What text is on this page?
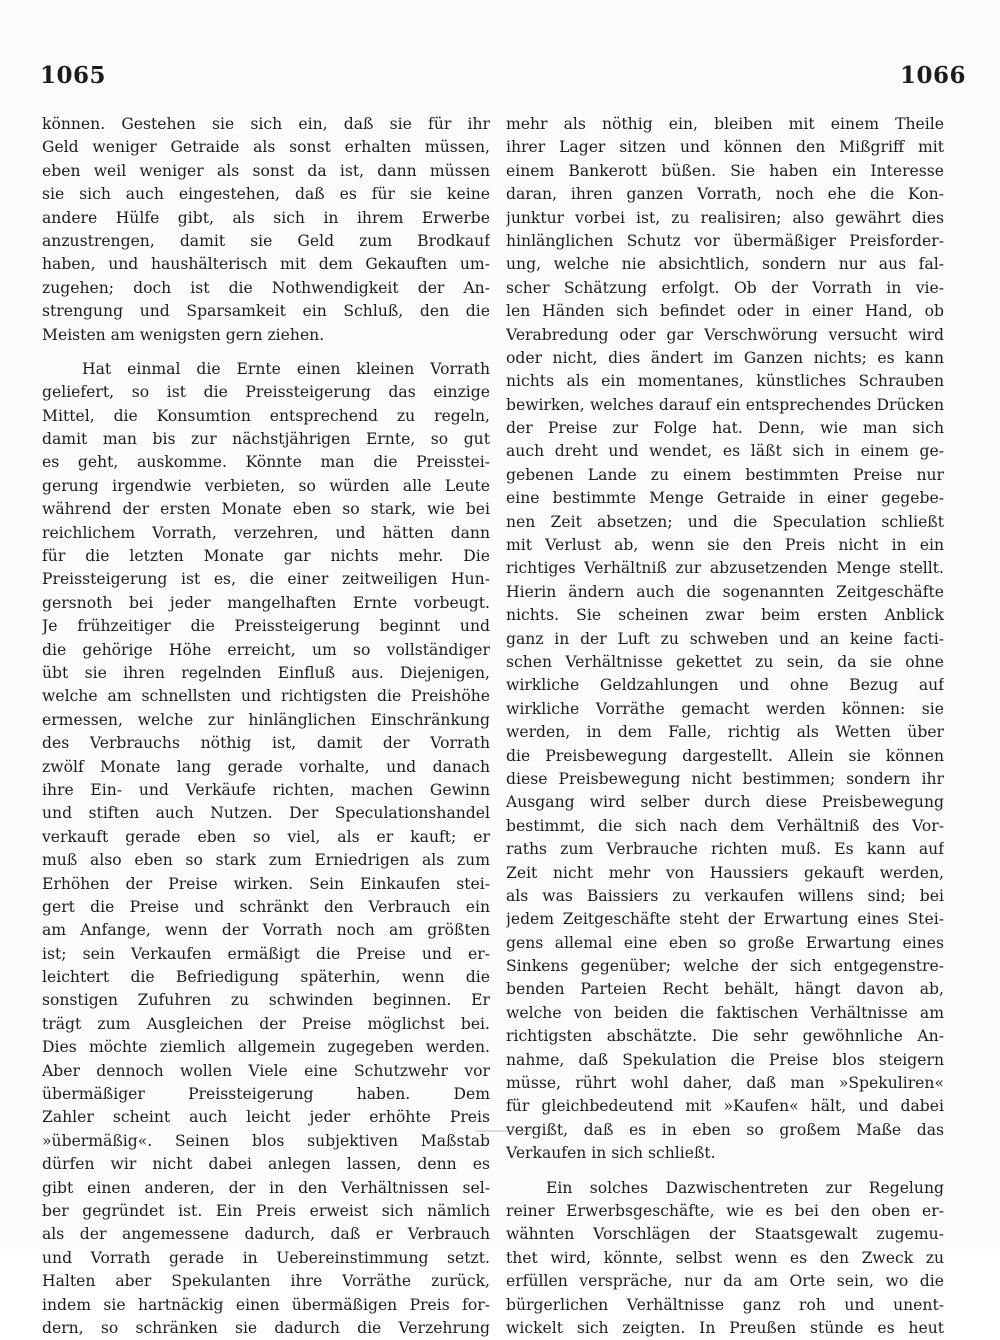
1065	1066
können. Gestehen sie sich ein, daß sie für ihr
Geld weniger Getraide als sonst erhalten müssen,
eben weil weniger als sonst da ist, dann müssen
sie sich auch eingestehen, daß es für sie keine
andere Hülfe gibt, als sich in ihrem Erwerbe
anzustrengen, damit sie Geld zum Brodkauf
haben, und haushälterisch mit dem Gekauften um-
zugehen; doch ist die Nothwendigkeit der An-
strengung und Sparsamkeit ein Schluß, den die
Meisten am wenigsten gern ziehen.
Hat einmal die Ernte einen kleinen Vorrath
geliefert, so ist die Preissteigerung das einzige
Mittel, die Konsumtion entsprechend zu regeln,
damit man bis zur nächstjährigen Ernte, so gut
es geht, auskomme. Könnte man die Preisstei-
gerung irgendwie verbieten, so würden alle Leute
während der ersten Monate eben so stark, wie bei
reichlichem Vorrath, verzehren, und hätten dann
für die letzten Monate gar nichts mehr. Die
Preissteigerung ist es, die einer zeitweiligen Hun-
gersnoth bei jeder mangelhaften Ernte vorbeugt.
Je frühzeitiger die Preissteigerung beginnt und
die gehörige Höhe erreicht, um so vollständiger
übt sie ihren regelnden Einfluß aus. Diejenigen,
welche am schnellsten und richtigsten die Preishöhe
ermessen, welche zur hinlänglichen Einschränkung
des Verbrauchs nöthig ist, damit der Vorrath
zwölf Monate lang gerade vorhalte, und danach
ihre Ein- und Verkäufe richten, machen Gewinn
und stiften auch Nutzen. Der Speculationshandel
verkauft gerade eben so viel, als er kauft; er
muß also eben so stark zum Erniedrigen als zum
Erhöhen der Preise wirken. Sein Einkaufen stei-
gert die Preise und schränkt den Verbrauch ein
am Anfange, wenn der Vorrath noch am größten
ist; sein Verkaufen ermäßigt die Preise und er-
leichtert die Befriedigung späterhin, wenn die
sonstigen Zufuhren zu schwinden beginnen. Er
trägt zum Ausgleichen der Preise möglichst bei.
Dies möchte ziemlich allgemein zugegeben werden.
Aber dennoch wollen Viele eine Schutzwehr vor
übermäßiger Preissteigerung haben. Dem
Zahler scheint auch leicht jeder erhöhte Preis
»übermäßig«. Seinen blos subjektiven Maßstab
dürfen wir nicht dabei anlegen lassen, denn es
gibt einen anderen, der in den Verhältnissen sel-
ber gegründet ist. Ein Preis erweist sich nämlich
als der angemessene dadurch, daß er Verbrauch
und Vorrath gerade in Uebereinstimmung setzt.
Halten aber Spekulanten ihre Vorräthe zurück,
indem sie hartnäckig einen übermäßigen Preis for-
dern, so schränken sie dadurch die Verzehrung
mehr als nöthig ein, bleiben mit einem Theile
ihrer Lager sitzen und können den Mißgriff mit
einem Bankerott büßen. Sie haben ein Interesse
daran, ihren ganzen Vorrath, noch ehe die Kon-
junktur vorbei ist, zu realisiren; also gewährt dies
hinlänglichen Schutz vor übermäßiger Preisforder-
ung, welche nie absichtlich, sondern nur aus fal-
scher Schätzung erfolgt. Ob der Vorrath in vie-
len Händen sich befindet oder in einer Hand, ob
Verabredung oder gar Verschwörung versucht wird
oder nicht, dies ändert im Ganzen nichts; es kann
nichts als ein momentanes, künstliches Schrauben
bewirken, welches darauf ein entsprechendes Drücken
der Preise zur Folge hat. Denn, wie man sich
auch dreht und wendet, es läßt sich in einem ge-
gebenen Lande zu einem bestimmten Preise nur
eine bestimmte Menge Getraide in einer gegebe-
nen Zeit absetzen; und die Speculation schließt
mit Verlust ab, wenn sie den Preis nicht in ein
richtiges Verhältniß zur abzusetzenden Menge stellt.
Hierin ändern auch die sogenannten Zeitgeschäfte
nichts. Sie scheinen zwar beim ersten Anblick
ganz in der Luft zu schweben und an keine facti-
schen Verhältnisse gekettet zu sein, da sie ohne
wirkliche Geldzahlungen und ohne Bezug auf
wirkliche Vorräthe gemacht werden können: sie
werden, in dem Falle, richtig als Wetten über
die Preisbewegung dargestellt. Allein sie können
diese Preisbewegung nicht bestimmen; sondern ihr
Ausgang wird selber durch diese Preisbewegung
bestimmt, die sich nach dem Verhältniß des Vor-
raths zum Verbrauche richten muß. Es kann auf
Zeit nicht mehr von Haussiers gekauft werden,
als was Baissiers zu verkaufen willens sind; bei
jedem Zeitgeschäfte steht der Erwartung eines Stei-
gens allemal eine eben so große Erwartung eines
Sinkens gegenüber; welche der sich entgegenstre-
benden Parteien Recht behält, hängt davon ab,
welche von beiden die faktischen Verhältnisse am
richtigsten abschätzte. Die sehr gewöhnliche An-
nahme, daß Spekulation die Preise blos steigern
müsse, rührt wohl daher, daß man »Spekuliren«
für gleichbedeutend mit »Kaufen« hält, und dabei
vergißt, daß es in eben so großem Maße das
Verkaufen in sich schließt.
Ein solches Dazwischentreten zur Regelung
reiner Erwerbsgeschäfte, wie es bei den oben er-
wähnten Vorschlägen der Staatsgewalt zugemu-
thet wird, könnte, selbst wenn es den Zweck zu
erfüllen verspräche, nur da am Orte sein, wo die
bürgerlichen Verhältnisse ganz roh und unent-
wickelt sich zeigten. In Preußen stünde es heut
